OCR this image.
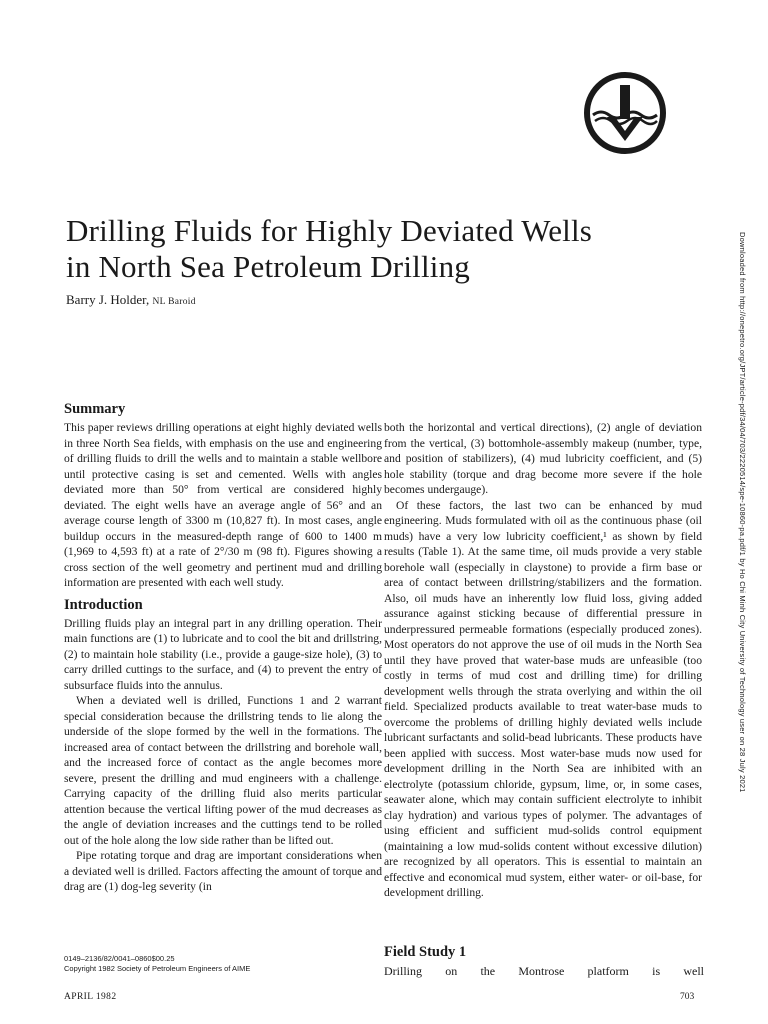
Drilling Fluids for Highly Deviated Wells
in North Sea Petroleum Drilling
Barry J. Holder, NL Baroid
Summary

This paper reviews drilling operations at eight highly deviated wells in three North Sea fields, with emphasis on the use and engineering of drilling fluids to drill the wells and to maintain a stable wellbore until protective casing is set and cemented. Wells with angles deviated more than 50° from vertical are considered highly deviated. The eight wells have an average angle of 56° and an average course length of 3300 m (10,827 ft). In most cases, angle buildup occurs in the measured-depth range of 600 to 1400 m (1,969 to 4,593 ft) at a rate of 2°/30 m (98 ft). Figures showing a cross section of the well geometry and pertinent mud and drilling information are presented with each well study.

Introduction

Drilling fluids play an integral part in any drilling operation. Their main functions are (1) to lubricate and to cool the bit and drillstring, (2) to maintain hole stability (i.e., provide a gauge-size hole), (3) to carry drilled cuttings to the surface, and (4) to prevent the entry of subsurface fluids into the annulus.

When a deviated well is drilled, Functions 1 and 2 warrant special consideration because the drillstring tends to lie along the underside of the slope formed by the well in the formations. The increased area of contact between the drillstring and borehole wall, and the increased force of contact as the angle becomes more severe, present the drilling and mud engineers with a challenge. Carrying capacity of the drilling fluid also merits particular attention because the vertical lifting power of the mud decreases as the angle of deviation increases and the cuttings tend to be rolled out of the hole along the low side rather than be lifted out.

Pipe rotating torque and drag are important considerations when a deviated well is drilled. Factors affecting the amount of torque and drag are (1) dog-leg severity (in

both the horizontal and vertical directions), (2) angle of deviation from the vertical, (3) bottomhole-assembly makeup (number, type, and position of stabilizers), (4) mud lubricity coefficient, and (5) hole stability (torque and drag become more severe if the hole becomes undergauge).

Of these factors, the last two can be enhanced by mud engineering. Muds formulated with oil as the continuous phase (oil muds) have a very low lubricity coefficient,¹ as shown by field results (Table 1). At the same time, oil muds provide a very stable borehole wall (especially in claystone) to provide a firm base or area of contact between drillstring/stabilizers and the formation. Also, oil muds have an inherently low fluid loss, giving added assurance against sticking because of differential pressure in underpressured permeable formations (especially produced zones). Most operators do not approve the use of oil muds in the North Sea until they have proved that water-base muds are unfeasible (too costly in terms of mud cost and drilling time) for drilling development wells through the strata overlying and within the oil field. Specialized products available to treat water-base muds to overcome the problems of drilling highly deviated wells include lubricant surfactants and solid-bead lubricants. These products have been applied with success. Most water-base muds now used for development drilling in the North Sea are inhibited with an electrolyte (potassium chloride, gypsum, lime, or, in some cases, seawater alone, which may contain sufficient electrolyte to inhibit clay hydration) and various types of polymer. The advantages of using efficient and sufficient mud-solids control equipment (maintaining a low mud-solids content without excessive dilution) are recognized by all operators. This is essential to maintain an effective and economical mud system, either water- or oil-base, for development drilling.

Field Study 1
Drilling on the Montrose platform is well
0149–2136/82/0041–0860$00.25
Copyright 1982 Society of Petroleum Engineers of AIME
APRIL 1982	703
Downloaded from http://onepetro.org/JPT/article-pdf/34/04/703/2220514/spe-10860-pa.pdf/1 by Ho Chi Minh City University of Technology user on 28 July 2021
